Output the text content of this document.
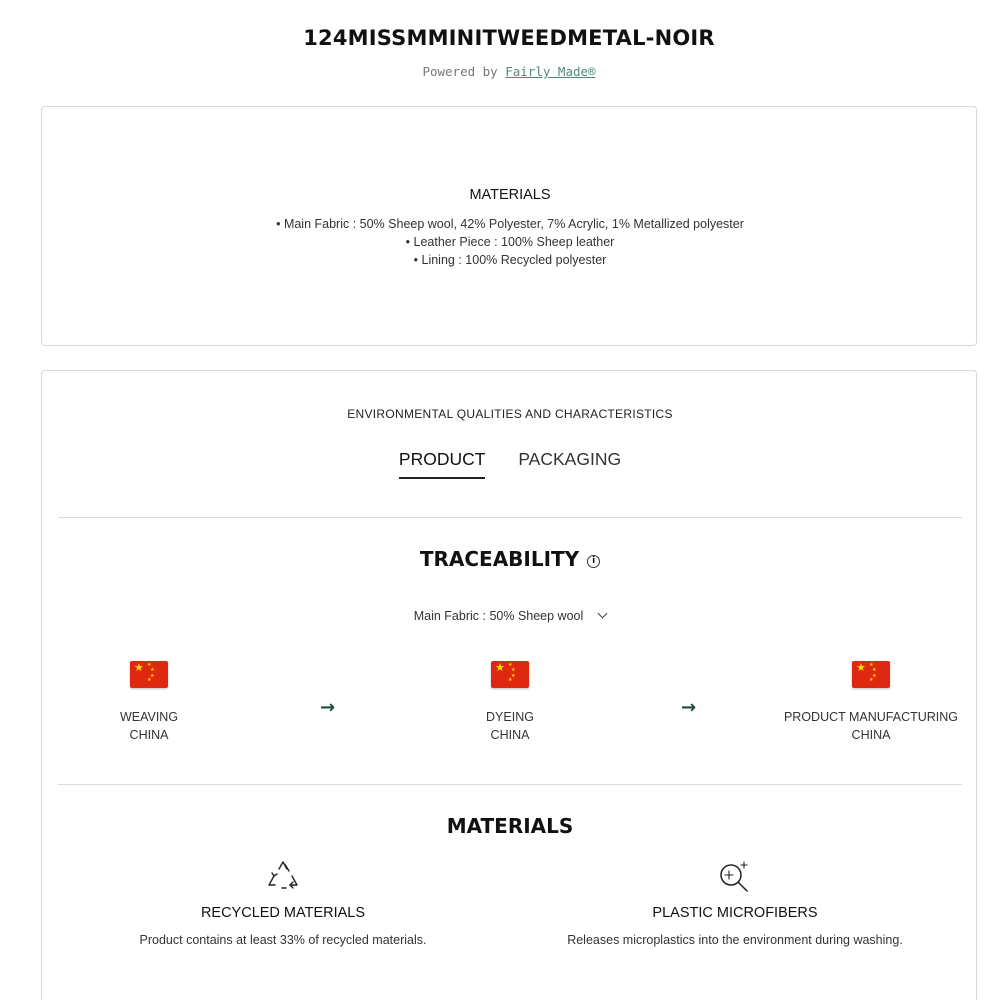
124MISSMMINITWEEDMETAL-NOIR
Powered by Fairly Made®
MATERIALS
• Main Fabric : 50% Sheep wool, 42% Polyester, 7% Acrylic, 1% Metallized polyester
• Leather Piece : 100% Sheep leather
• Lining : 100% Recycled polyester
ENVIRONMENTAL QUALITIES AND CHARACTERISTICS
PRODUCT PACKAGING
TRACEABILITY i
Main Fabric : 50% Sheep wool
★ ★
★
★
★
WEAVING
CHINA
→
★ ★
★
★
★
DYEING
CHINA
→
★ ★
★
★
★
PRODUCT MANUFACTURING
CHINA
MATERIALS
RECYCLED MATERIALS
Product contains at least 33% of recycled materials.
PLASTIC MICROFIBERS
Releases microplastics into the environment during washing.
